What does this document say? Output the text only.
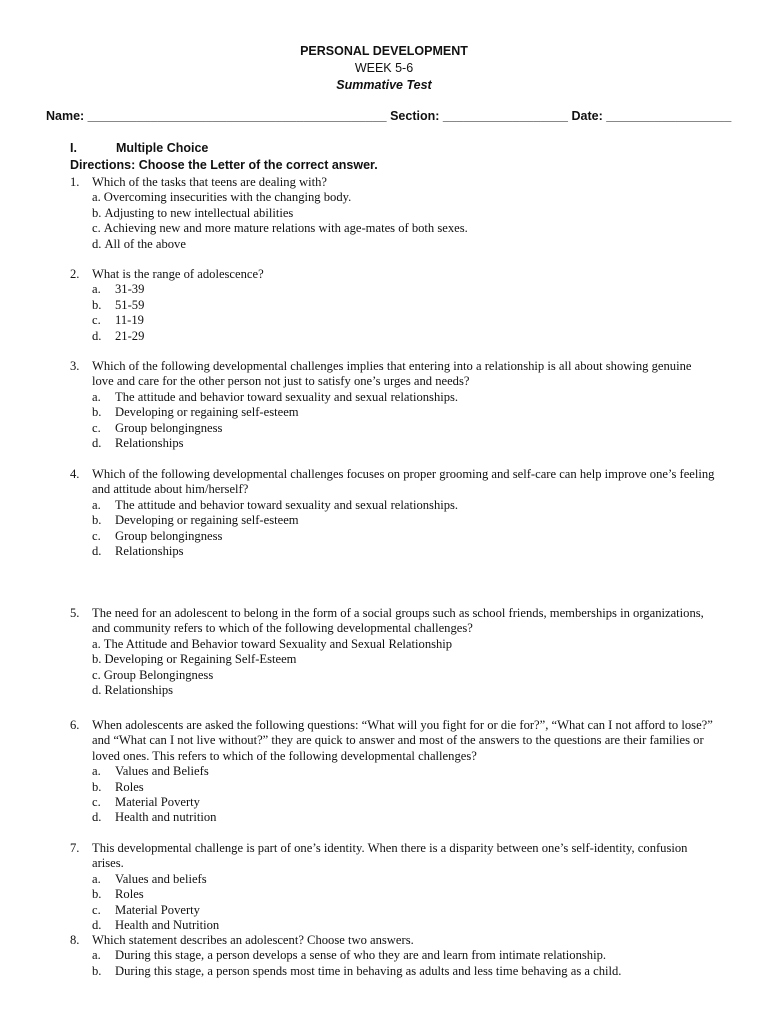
PERSONAL DEVELOPMENT
WEEK 5-6
Summative Test
Name: ___________________________________________ Section: __________________ Date: __________________
I.	Multiple Choice
Directions: Choose the Letter of the correct answer.
1. Which of the tasks that teens are dealing with?
a. Overcoming insecurities with the changing body.
b. Adjusting to new intellectual abilities
c. Achieving new and more mature relations with age-mates of both sexes.
d. All of the above
2. What is the range of adolescence?
a. 31-39
b. 51-59
c. 11-19
d. 21-29
3. Which of the following developmental challenges implies that entering into a relationship is all about showing genuine love and care for the other person not just to satisfy one’s urges and needs?
a. The attitude and behavior toward sexuality and sexual relationships.
b. Developing or regaining self-esteem
c. Group belongingness
d. Relationships
4. Which of the following developmental challenges focuses on proper grooming and self-care can help improve one’s feeling and attitude about him/herself?
a. The attitude and behavior toward sexuality and sexual relationships.
b. Developing or regaining self-esteem
c. Group belongingness
d. Relationships
5. The need for an adolescent to belong in the form of a social groups such as school friends, memberships in organizations, and community refers to which of the following developmental challenges?
a. The Attitude and Behavior toward Sexuality and Sexual Relationship
b. Developing or Regaining Self-Esteem
c. Group Belongingness
d. Relationships
6. When adolescents are asked the following questions: “What will you fight for or die for?”, “What can I not afford to lose?” and “What can I not live without?” they are quick to answer and most of the answers to the questions are their families or loved ones. This refers to which of the following developmental challenges?
a. Values and Beliefs
b. Roles
c. Material Poverty
d. Health and nutrition
7. This developmental challenge is part of one’s identity. When there is a disparity between one’s self-identity, confusion arises.
a. Values and beliefs
b. Roles
c. Material Poverty
d. Health and Nutrition
8. Which statement describes an adolescent? Choose two answers.
a. During this stage, a person develops a sense of who they are and learn from intimate relationship.
b. During this stage, a person spends most time in behaving as adults and less time behaving as a child.
